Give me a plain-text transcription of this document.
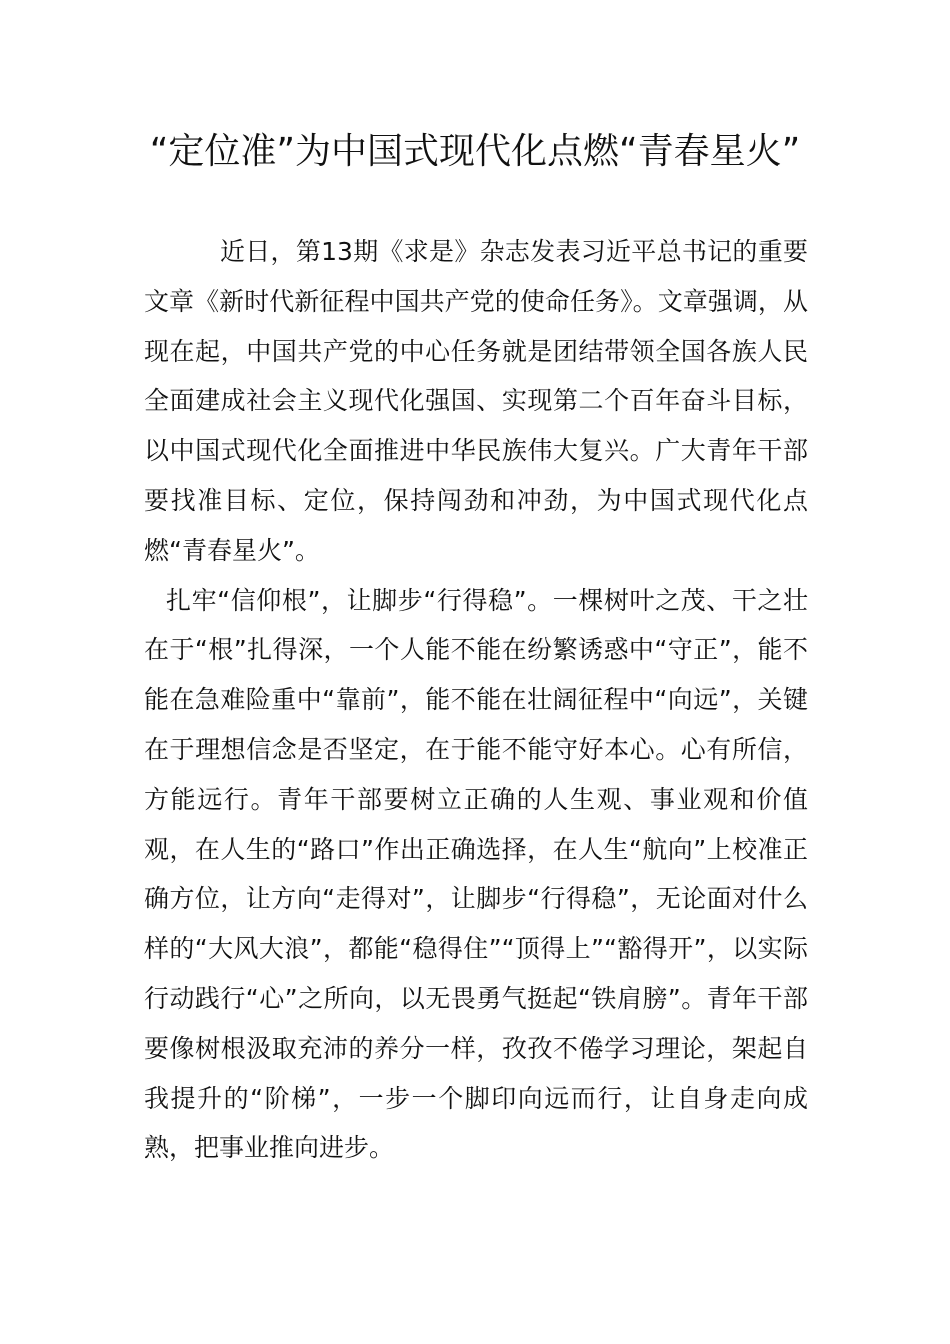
“定位准”为中国式现代化点燃“青春星火”

近日，第13期《求是》杂志发表习近平总书记的重要文章《新时代新征程中国共产党的使命任务》。文章强调，从现在起，中国共产党的中心任务就是团结带领全国各族人民全面建成社会主义现代化强国、实现第二个百年奋斗目标，以中国式现代化全面推进中华民族伟大复兴。广大青年干部要找准目标、定位，保持闯劲和冲劲，为中国式现代化点燃“青春星火”。

扎牢“信仰根”，让脚步“行得稳”。一棵树叶之茂、干之壮在于“根”扎得深，一个人能不能在纷繁诱惑中“守正”，能不能在急难险重中“靠前”，能不能在壮阔征程中“向远”，关键在于理想信念是否坚定，在于能不能守好本心。心有所信，方能远行。青年干部要树立正确的人生观、事业观和价值观，在人生的“路口”作出正确选择，在人生“航向”上校准正确方位，让方向“走得对”，让脚步“行得稳”，无论面对什么样的“大风大浪”，都能“稳得住”“顶得上”“豁得开”，以实际行动践行“心”之所向，以无畏勇气挺起“铁肩膀”。青年干部要像树根汲取充沛的养分一样，孜孜不倦学习理论，架起自我提升的“阶梯”，一步一个脚印向远而行，让自身走向成熟，把事业推向进步。
